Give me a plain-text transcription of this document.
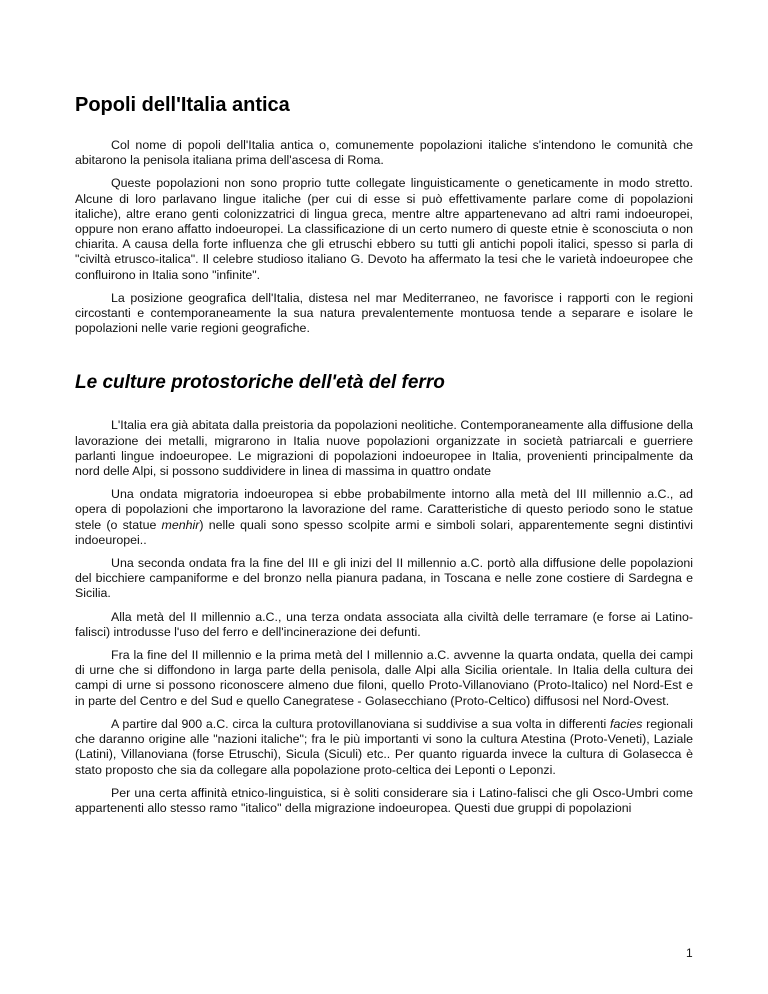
Popoli dell'Italia antica

Col nome di popoli dell'Italia antica o, comunemente popolazioni italiche s'intendono le comunità che abitarono la penisola italiana prima dell'ascesa di Roma.

Queste popolazioni non sono proprio tutte collegate linguisticamente o geneticamente in modo stretto. Alcune di loro parlavano lingue italiche (per cui di esse si può effettivamente parlare come di popolazioni italiche), altre erano genti colonizzatrici di lingua greca, mentre altre appartenevano ad altri rami indoeuropei, oppure non erano affatto indoeuropei. La classificazione di un certo numero di queste etnie è sconosciuta o non chiarita. A causa della forte influenza che gli etruschi ebbero su tutti gli antichi popoli italici, spesso si parla di "civiltà etrusco-italica". Il celebre studioso italiano G. Devoto ha affermato la tesi che le varietà indoeuropee che confluirono in Italia sono "infinite".

La posizione geografica dell'Italia, distesa nel mar Mediterraneo, ne favorisce i rapporti con le regioni circostanti e contemporaneamente la sua natura prevalentemente montuosa tende a separare e isolare le popolazioni nelle varie regioni geografiche.

Le culture protostoriche dell'età del ferro

L'Italia era già abitata dalla preistoria da popolazioni neolitiche. Contemporaneamente alla diffusione della lavorazione dei metalli, migrarono in Italia nuove popolazioni organizzate in società patriarcali e guerriere parlanti lingue indoeuropee. Le migrazioni di popolazioni indoeuropee in Italia, provenienti principalmente da nord delle Alpi, si possono suddividere in linea di massima in quattro ondate

Una ondata migratoria indoeuropea si ebbe probabilmente intorno alla metà del III millennio a.C., ad opera di popolazioni che importarono la lavorazione del rame. Caratteristiche di questo periodo sono le statue stele (o statue menhir) nelle quali sono spesso scolpite armi e simboli solari, apparentemente segni distintivi indoeuropei..

Una seconda ondata fra la fine del III e gli inizi del II millennio a.C. portò alla diffusione delle popolazioni del bicchiere campaniforme e del bronzo nella pianura padana, in Toscana e nelle zone costiere di Sardegna e Sicilia.

Alla metà del II millennio a.C., una terza ondata associata alla civiltà delle terramare (e forse ai Latino-falisci) introdusse l'uso del ferro e dell'incinerazione dei defunti.

Fra la fine del II millennio e la prima metà del I millennio a.C. avvenne la quarta ondata, quella dei campi di urne che si diffondono in larga parte della penisola, dalle Alpi alla Sicilia orientale. In Italia della cultura dei campi di urne si possono riconoscere almeno due filoni, quello Proto-Villanoviano (Proto-Italico) nel Nord-Est e in parte del Centro e del Sud e quello Canegratese - Golasecchiano (Proto-Celtico) diffusosi nel Nord-Ovest.

A partire dal 900 a.C. circa la cultura protovillanoviana si suddivise a sua volta in differenti facies regionali che daranno origine alle "nazioni italiche"; fra le più importanti vi sono la cultura Atestina (Proto-Veneti), Laziale (Latini), Villanoviana (forse Etruschi), Sicula (Siculi) etc.. Per quanto riguarda invece la cultura di Golasecca è stato proposto che sia da collegare alla popolazione proto-celtica dei Leponti o Leponzi.

Per una certa affinità etnico-linguistica, si è soliti considerare sia i Latino-falisci che gli Osco-Umbri come appartenenti allo stesso ramo "italico" della migrazione indoeuropea. Questi due gruppi di popolazioni

1
